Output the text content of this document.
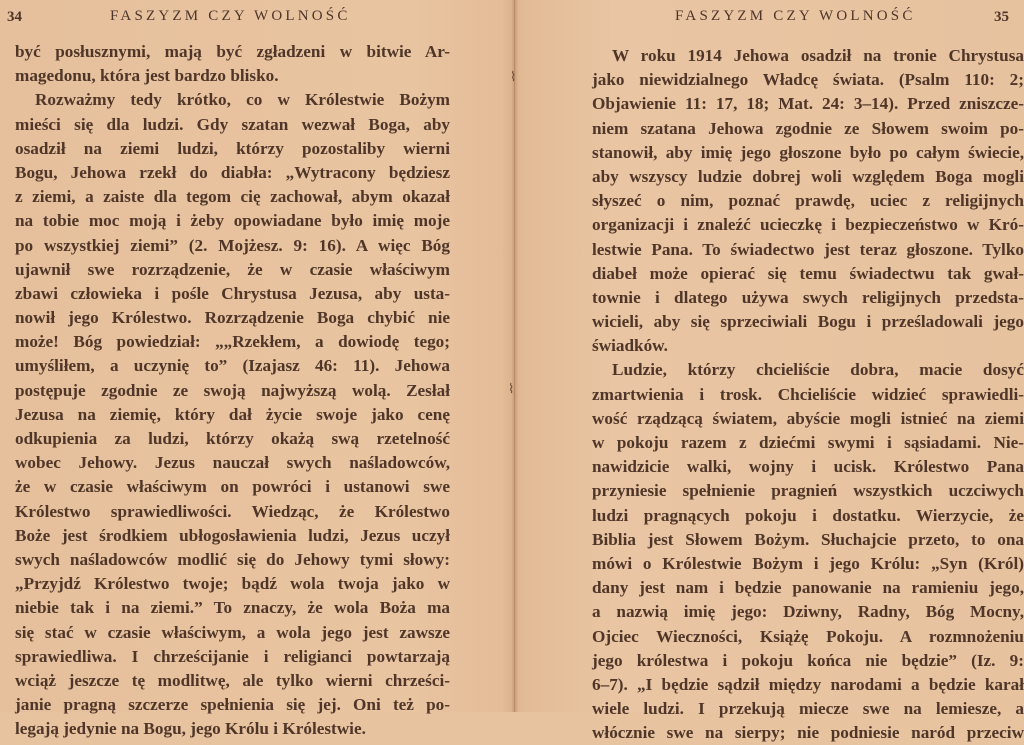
34	FASZYZM CZY WOLNOŚĆ
być posłusznymi, mają być zgładzeni w bitwie Ar-
magedonu, która jest bardzo blisko.
Rozważmy tedy krótko, co w Królestwie Bożym
mieści się dla ludzi. Gdy szatan wezwał Boga, aby
osadził na ziemi ludzi, którzy pozostaliby wierni
Bogu, Jehowa rzekł do diabła: „Wytracony będziesz
z ziemi, a zaiste dla tegom cię zachował, abym okazał
na tobie moc moją i żeby opowiadane było imię moje
po wszystkiej ziemi” (2. Mojżesz. 9: 16). A więc Bóg
ujawnił swe rozrządzenie, że w czasie właściwym
zbawi człowieka i pośle Chrystusa Jezusa, aby usta-
nowił jego Królestwo. Rozrządzenie Boga chybić nie
może! Bóg powiedział: „„Rzekłem, a dowiodę tego;
umyśliłem, a uczynię to” (Izajasz 46: 11). Jehowa
postępuje zgodnie ze swoją najwyższą wolą. Zesłał
Jezusa na ziemię, który dał życie swoje jako cenę
odkupienia za ludzi, którzy okażą swą rzetelność
wobec Jehowy. Jezus nauczał swych naśladowców,
że w czasie właściwym on powróci i ustanowi swe
Królestwo sprawiedliwości. Wiedząc, że Królestwo
Boże jest środkiem ubłogosławienia ludzi, Jezus uczył
swych naśladowców modlić się do Jehowy tymi słowy:
„Przyjdź Królestwo twoje; bądź wola twoja jako w
niebie tak i na ziemi.” To znaczy, że wola Boża ma
się stać w czasie właściwym, a wola jego jest zawsze
sprawiedliwa. I chrześcijanie i religianci powtarzają
wciąż jeszcze tę modlitwę, ale tylko wierni chrześci-
janie pragną szczerze spełnienia się jej. Oni też po-
legają jedynie na Bogu, jego Królu i Królestwie.
⌇
⌇
FASZYZM CZY WOLNOŚĆ	35
W roku 1914 Jehowa osadził na tronie Chrystusa
jako niewidzialnego Władcę świata. (Psalm 110: 2;
Objawienie 11: 17, 18; Mat. 24: 3–14). Przed zniszcze-
niem szatana Jehowa zgodnie ze Słowem swoim po-
stanowił, aby imię jego głoszone było po całym świecie,
aby wszyscy ludzie dobrej woli względem Boga mogli
słyszeć o nim, poznać prawdę, uciec z religijnych
organizacji i znaleźć ucieczkę i bezpieczeństwo w Kró-
lestwie Pana. To świadectwo jest teraz głoszone. Tylko
diabeł może opierać się temu świadectwu tak gwał-
townie i dlatego używa swych religijnych przedsta-
wicieli, aby się sprzeciwiali Bogu i prześladowali jego
świadków.
Ludzie, którzy chcieliście dobra, macie dosyć
zmartwienia i trosk. Chcieliście widzieć sprawiedli-
wość rządzącą światem, abyście mogli istnieć na ziemi
w pokoju razem z dziećmi swymi i sąsiadami. Nie-
nawidzicie walki, wojny i ucisk. Królestwo Pana
przyniesie spełnienie pragnień wszystkich uczciwych
ludzi pragnących pokoju i dostatku. Wierzycie, że
Biblia jest Słowem Bożym. Słuchajcie przeto, to ona
mówi o Królestwie Bożym i jego Królu: „Syn (Król)
dany jest nam i będzie panowanie na ramieniu jego,
a nazwią imię jego: Dziwny, Radny, Bóg Mocny,
Ojciec Wieczności, Książę Pokoju. A rozmnożeniu
jego królestwa i pokoju końca nie będzie” (Iz. 9:
6–7). „I będzie sądził między narodami a będzie karał
wiele ludzi. I przekują miecze swe na lemiesze, a
włócznie swe na sierpy; nie podniesie naród przeciw
